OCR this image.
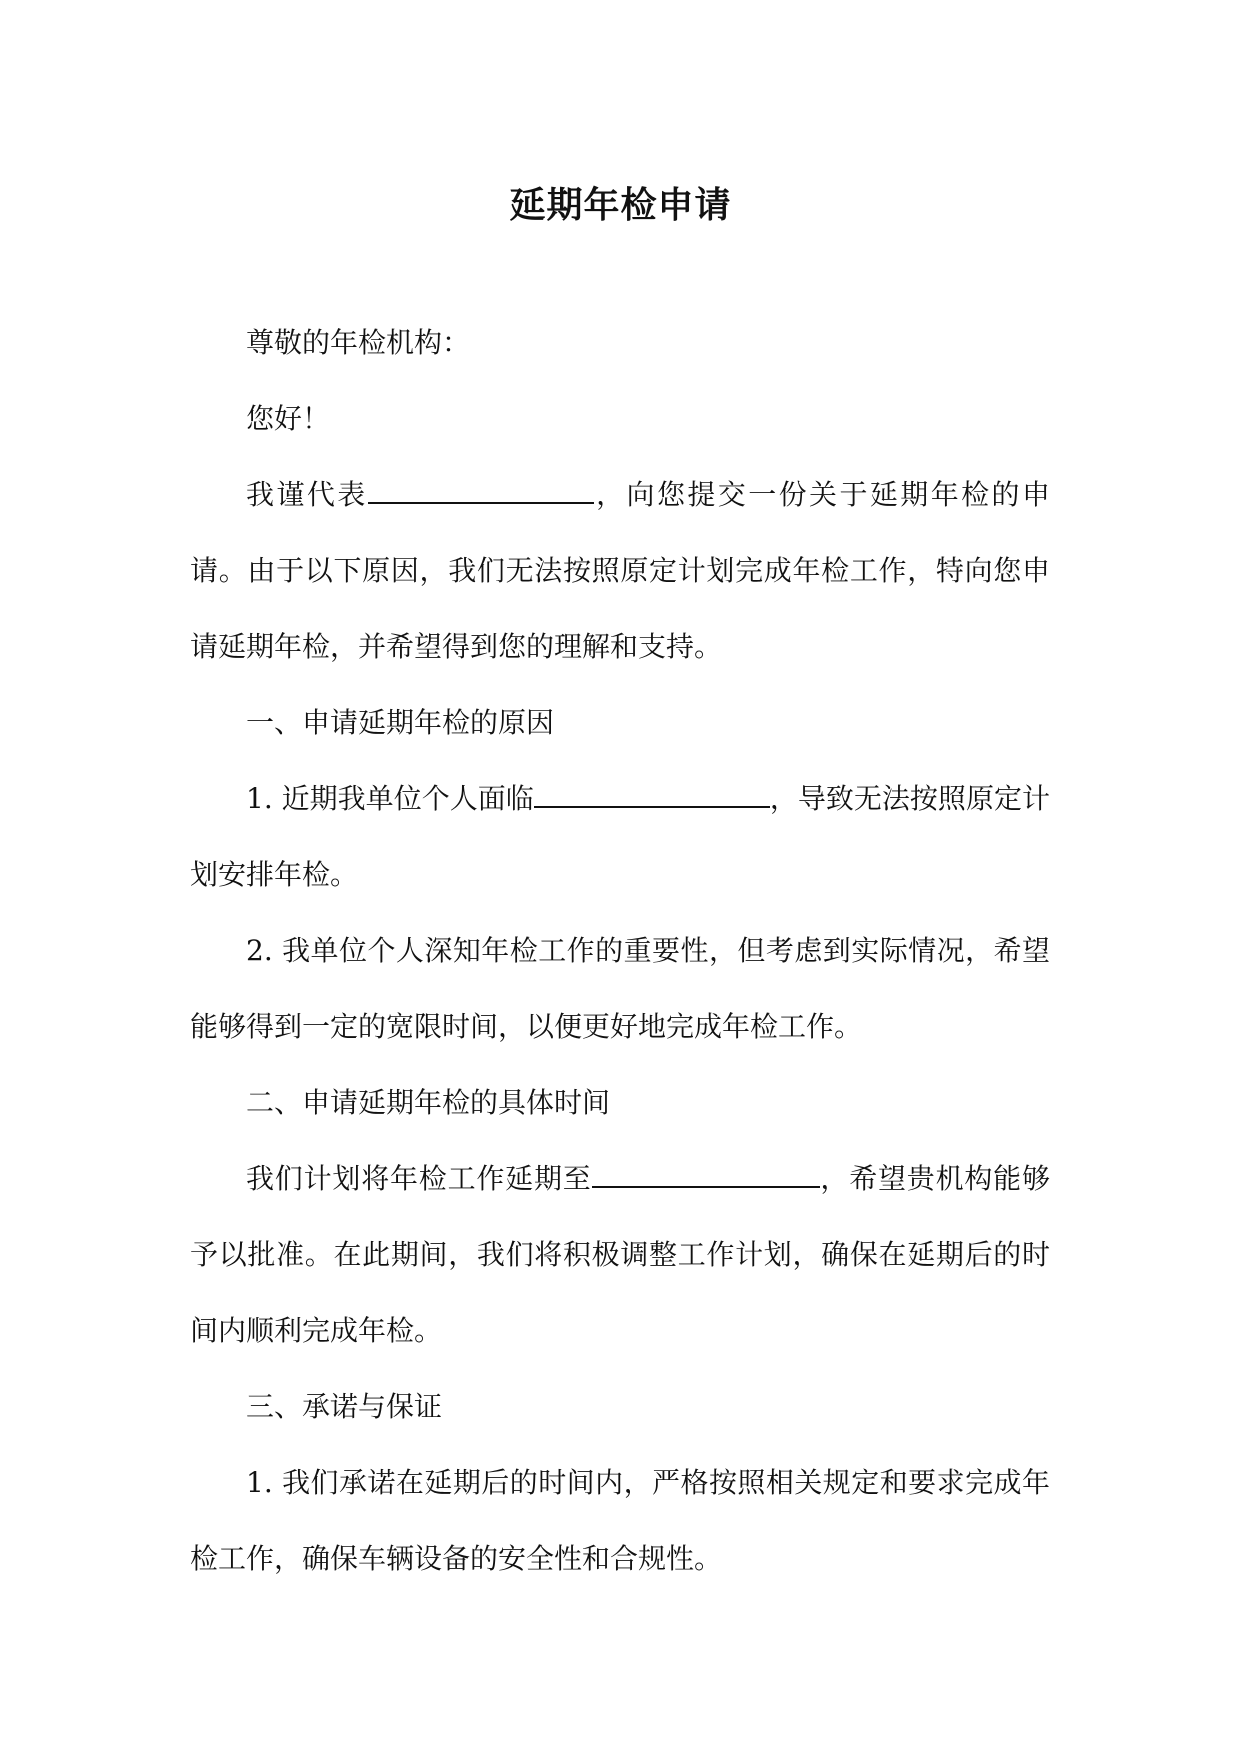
延期年检申请

尊敬的年检机构：

您好！

我谨代表	，向您提交一份关于延期年检的申请。由于以下原因，我们无法按照原定计划完成年检工作，特向您申请延期年检，并希望得到您的理解和支持。

一、申请延期年检的原因

1. 近期我单位个人面临	，导致无法按照原定计划安排年检。

2. 我单位个人深知年检工作的重要性，但考虑到实际情况，希望能够得到一定的宽限时间，以便更好地完成年检工作。

二、申请延期年检的具体时间

我们计划将年检工作延期至	，希望贵机构能够予以批准。在此期间，我们将积极调整工作计划，确保在延期后的时间内顺利完成年检。

三、承诺与保证

1. 我们承诺在延期后的时间内，严格按照相关规定和要求完成年检工作，确保车辆设备的安全性和合规性。
